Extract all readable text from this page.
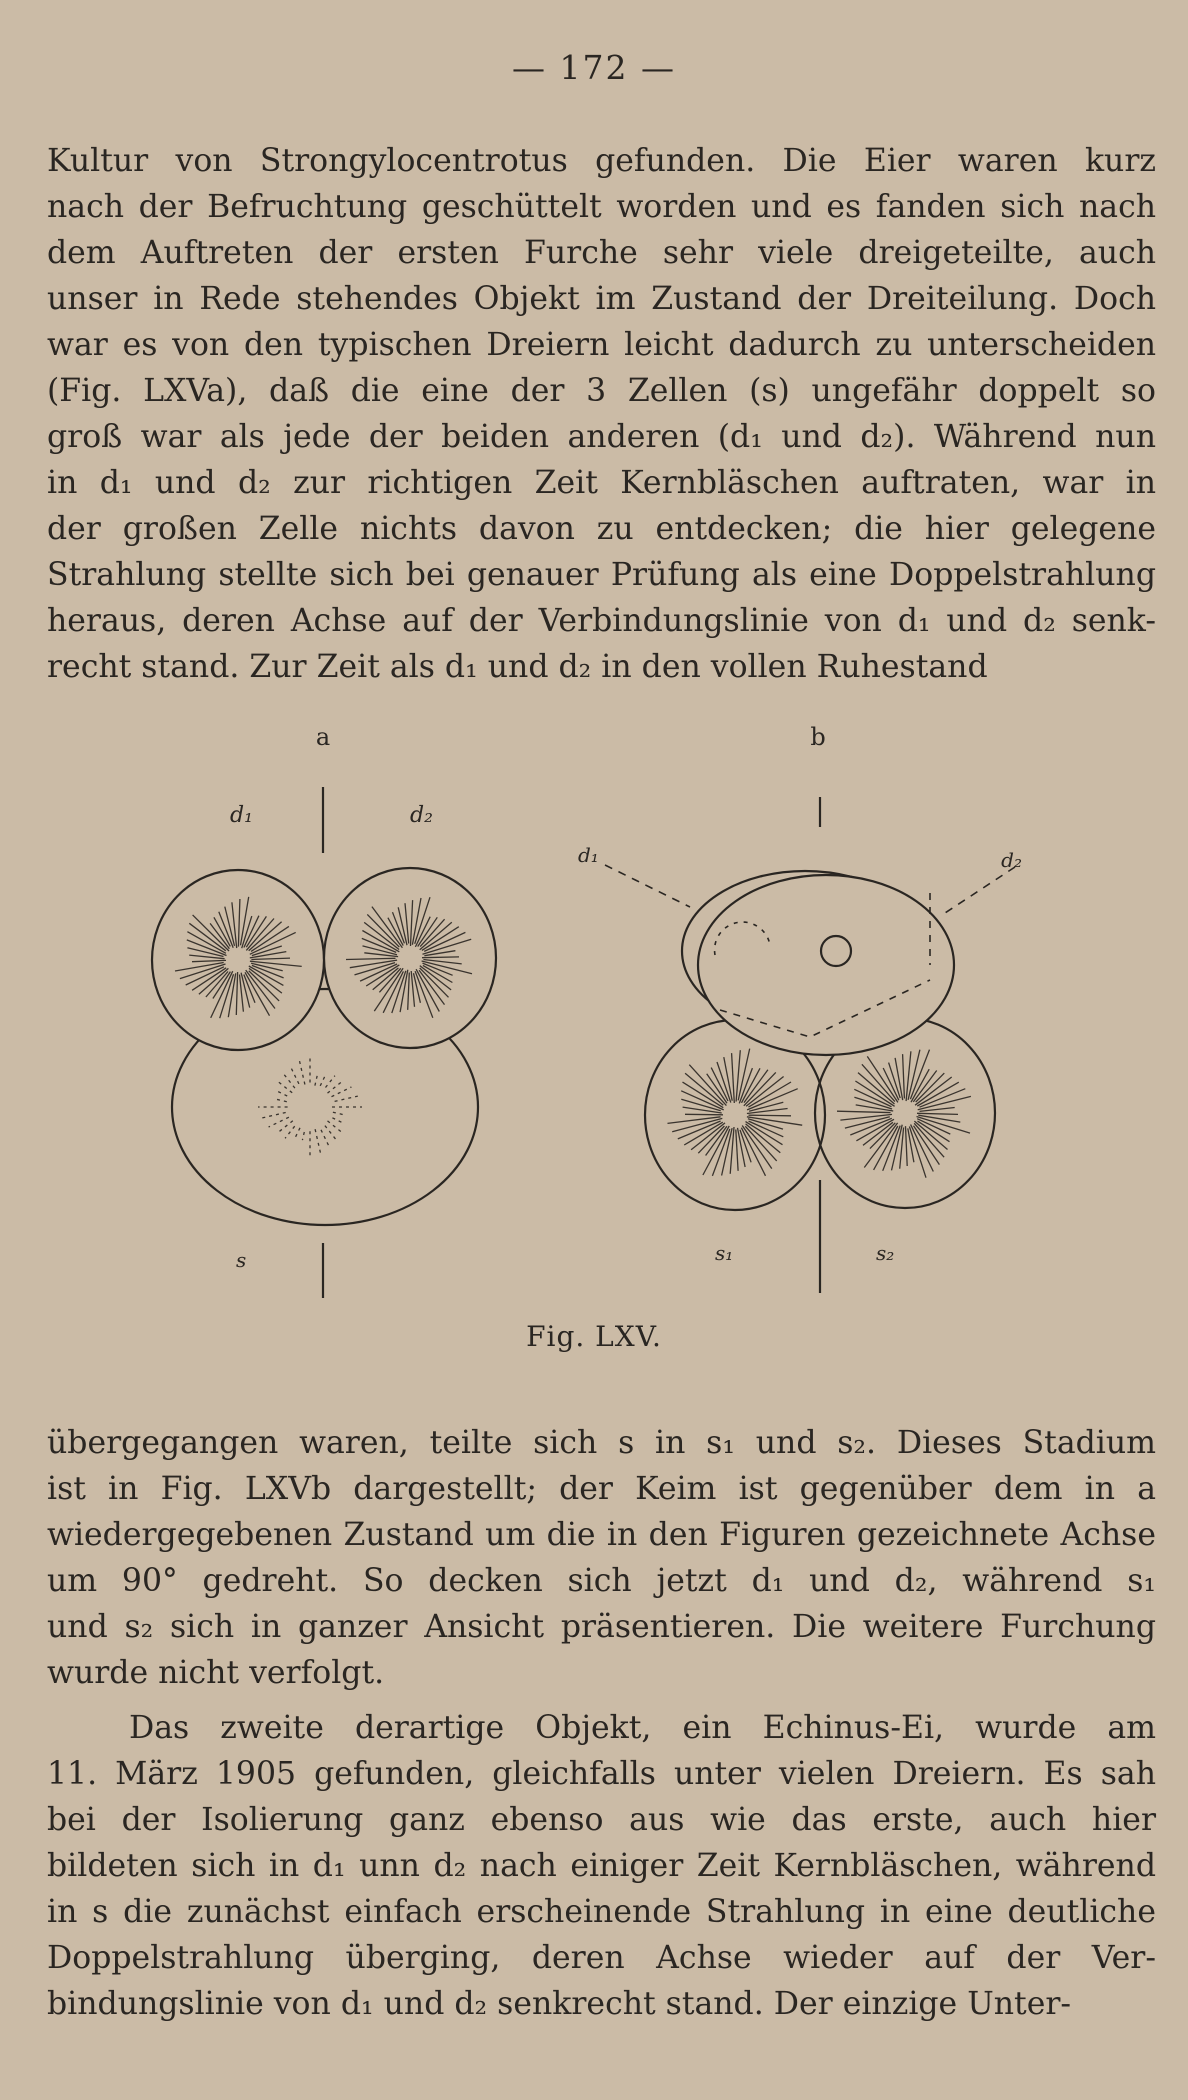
— 172 —

Kultur von Strongylocentrotus gefunden. Die Eier waren kurz
nach der Befruchtung geschüttelt worden und es fanden sich nach
dem Auftreten der ersten Furche sehr viele dreigeteilte, auch
unser in Rede stehendes Objekt im Zustand der Dreiteilung. Doch
war es von den typischen Dreiern leicht dadurch zu unterscheiden
(Fig. LXVa), daß die eine der 3 Zellen (s) ungefähr doppelt so
groß war als jede der beiden anderen (d₁ und d₂). Während nun
in d₁ und d₂ zur richtigen Zeit Kernbläschen auftraten, war in
der großen Zelle nichts davon zu entdecken; die hier gelegene
Strahlung stellte sich bei genauer Prüfung als eine Doppelstrahlung
heraus, deren Achse auf der Verbindungslinie von d₁ und d₂ senk-
recht stand. Zur Zeit als d₁ und d₂ in den vollen Ruhestand

a	b
d₁	d₂
s
d₁	d₂
s₁	s₂
Fig. LXV.

übergegangen waren, teilte sich s in s₁ und s₂. Dieses Stadium
ist in Fig. LXVb dargestellt; der Keim ist gegenüber dem in a
wiedergegebenen Zustand um die in den Figuren gezeichnete Achse
um 90° gedreht. So decken sich jetzt d₁ und d₂, während s₁
und s₂ sich in ganzer Ansicht präsentieren. Die weitere Furchung
wurde nicht verfolgt.

Das zweite derartige Objekt, ein Echinus-Ei, wurde am
11. März 1905 gefunden, gleichfalls unter vielen Dreiern. Es sah
bei der Isolierung ganz ebenso aus wie das erste, auch hier
bildeten sich in d₁ unn d₂ nach einiger Zeit Kernbläschen, während
in s die zunächst einfach erscheinende Strahlung in eine deutliche
Doppelstrahlung überging, deren Achse wieder auf der Ver-
bindungslinie von d₁ und d₂ senkrecht stand. Der einzige Unter-
